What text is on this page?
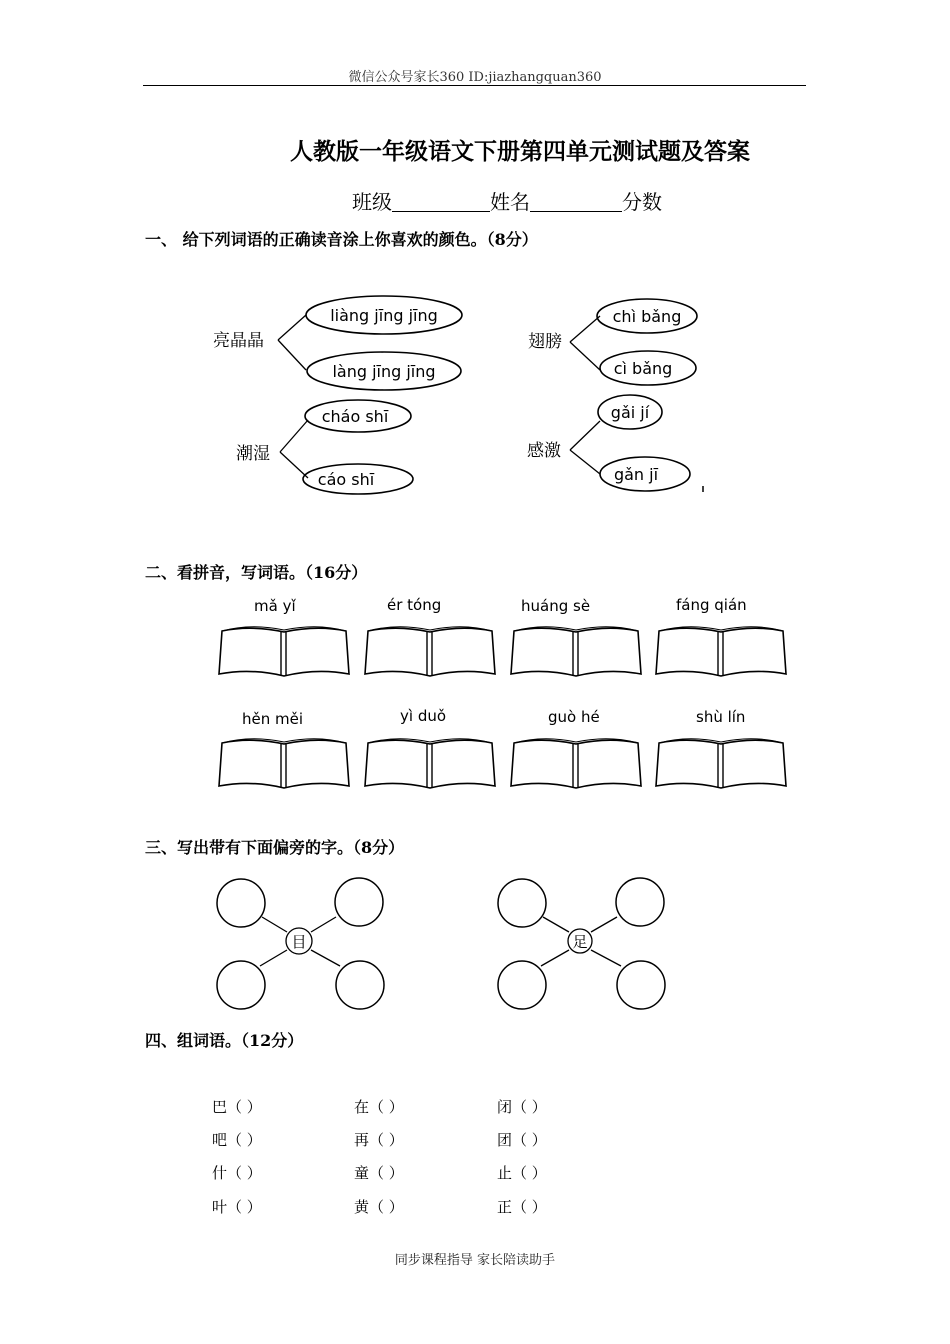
微信公众号家长360 ID:jiazhangquan360
人教版一年级语文下册第四单元测试题及答案
班级	姓名	分数
一、 给下列词语的正确读音涂上你喜欢的颜色。（8分）
亮晶晶
liàng jīng jīng
làng jīng jīng
潮湿
cháo shī
cáo shī
翅膀
chì bǎng
cì bǎng
感激
gǎi jí
gǎn jī
二、看拼音，写词语。（16分）
mǎ yǐ	ér tóng	huáng sè	fáng qián
hěn měi	yì duǒ	guò hé	shù lín
三、写出带有下面偏旁的字。（8分）
目	足
四、组词语。（12分）
巴（ ）	在（ ）	闭（ ）
吧（ ）	再（ ）	团（ ）
什（ ）	童（ ）	止（ ）
叶（ ）	黄（ ）	正（ ）
同步课程指导 家长陪读助手
